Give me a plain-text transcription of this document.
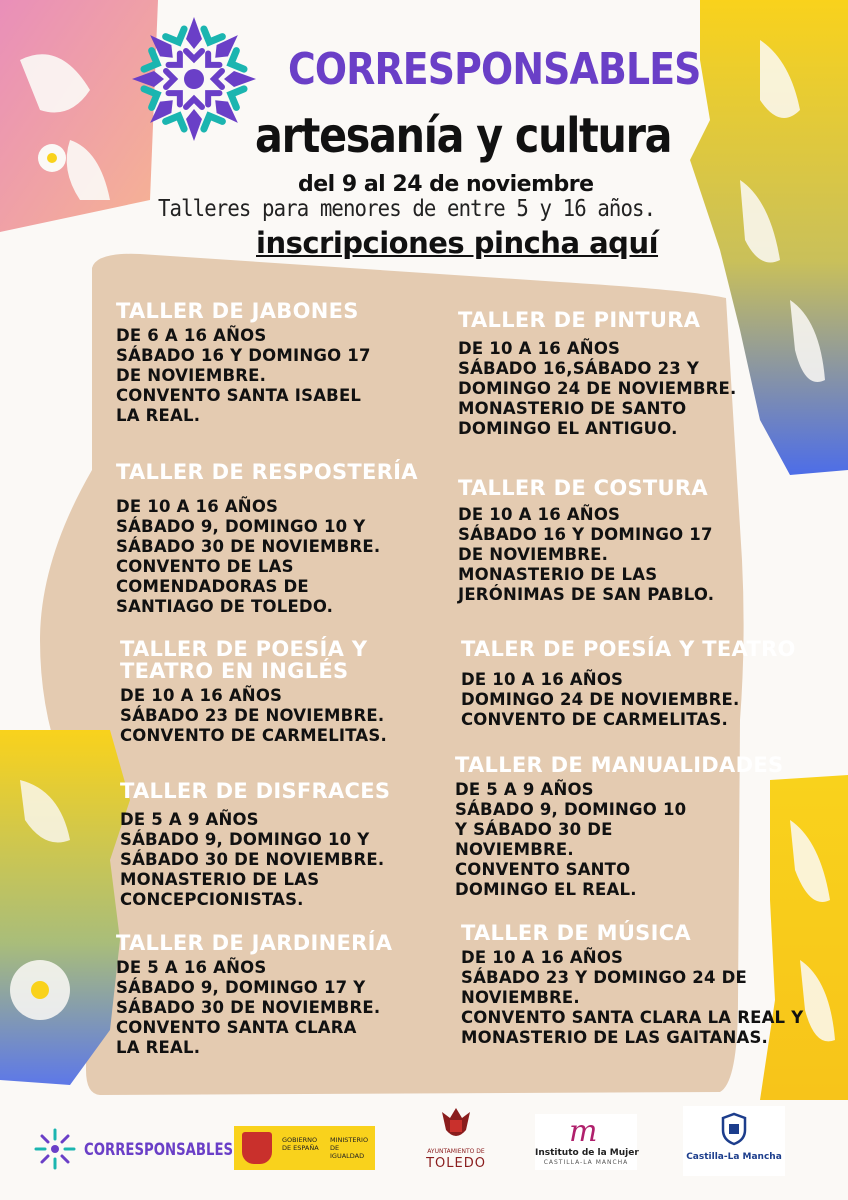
CORRESPONSABLES
artesanía y cultura
del 9 al 24 de noviembre
Talleres para menores de entre 5 y 16 años.
inscripciones pincha aquí
TALLER DE JABONES
DE 6 A 16 AÑOS
SÁBADO 16 Y DOMINGO 17
DE NOVIEMBRE.
CONVENTO SANTA ISABEL
LA REAL.
TALLER DE RESPOSTERÍA
DE 10 A 16 AÑOS
SÁBADO 9, DOMINGO 10 Y
SÁBADO 30 DE NOVIEMBRE.
CONVENTO DE LAS
COMENDADORAS DE
SANTIAGO DE TOLEDO.
TALLER DE POESÍA Y TEATRO EN INGLÉS
DE 10 A 16 AÑOS
SÁBADO 23 DE NOVIEMBRE.
CONVENTO DE CARMELITAS.
TALLER DE DISFRACES
DE 5 A 9 AÑOS
SÁBADO 9, DOMINGO 10 Y
SÁBADO 30 DE NOVIEMBRE.
MONASTERIO DE LAS
CONCEPCIONISTAS.
TALLER DE JARDINERÍA
DE 5 A 16 AÑOS
SÁBADO 9, DOMINGO 17 Y
SÁBADO 30 DE NOVIEMBRE.
CONVENTO SANTA CLARA
LA REAL.
TALLER DE PINTURA
DE 10 A 16 AÑOS
SÁBADO 16,SÁBADO 23 Y
DOMINGO 24 DE NOVIEMBRE.
MONASTERIO DE SANTO
DOMINGO EL ANTIGUO.
TALLER DE COSTURA
DE 10 A 16 AÑOS
SÁBADO 16 Y DOMINGO 17
DE NOVIEMBRE.
MONASTERIO DE LAS
JERÓNIMAS DE SAN PABLO.
TALER DE POESÍA Y TEATRO
DE 10 A 16 AÑOS
DOMINGO 24 DE NOVIEMBRE.
CONVENTO DE CARMELITAS.
TALLER DE MANUALIDADES
DE 5 A 9 AÑOS
SÁBADO 9, DOMINGO 10
Y SÁBADO 30 DE
NOVIEMBRE.
CONVENTO SANTO
DOMINGO EL REAL.
TALLER DE MÚSICA
DE 10 A 16 AÑOS
SÁBADO 23 Y DOMINGO 24 DE
NOVIEMBRE.
CONVENTO SANTA CLARA LA REAL Y
MONASTERIO DE LAS GAITANAS.
CORRESPONSABLES	GOBIERNO DE ESPAÑA
MINISTERIO DE IGUALDAD
AYUNTAMIENTO DE
TOLEDO
m
Instituto de la Mujer
CASTILLA-LA MANCHA
Castilla-La Mancha
